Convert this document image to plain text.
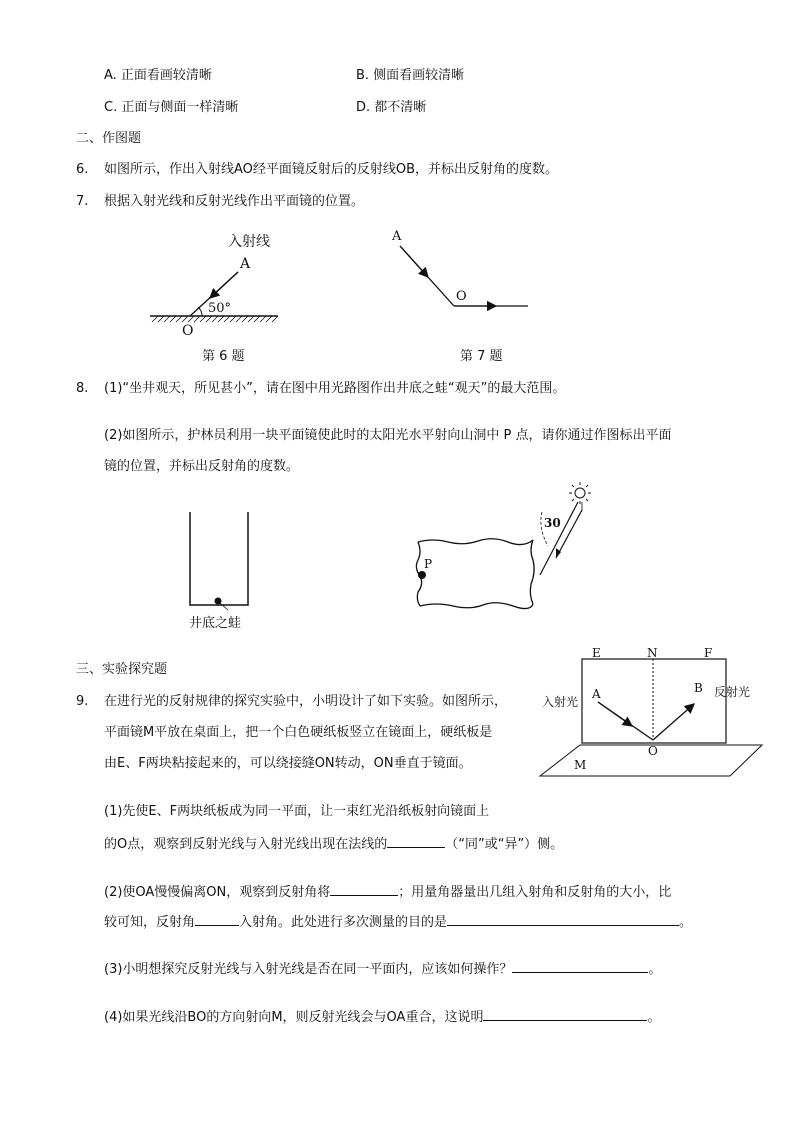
A. 正面看画较清晰	B. 侧面看画较清晰
C. 正面与侧面一样清晰	D. 都不清晰
二、作图题
6. 如图所示，作出入射线AO经平面镜反射后的反射线OB，并标出反射角的度数。
7. 根据入射光线和反射光线作出平面镜的位置。
入射线
A
50°
O
第 6 题
A
O
第 7 题
8. (1)“坐井观天，所见甚小”，请在图中用光路图作出井底之蛙“观天”的最大范围。
(2)如图所示，护林员利用一块平面镜使此时的太阳光水平射向山洞中 P 点，请你通过作图标出平面
镜的位置，并标出反射角的度数。
井底之蛙
P
30
三、实验探究题
9. 在进行光的反射规律的探究实验中，小明设计了如下实验。如图所示，
平面镜M平放在桌面上，把一个白色硬纸板竖立在镜面上，硬纸板是
由E、F两块粘接起来的，可以绕接缝ON转动，ON垂直于镜面。
E	N	F
A	B
O
入射光
反射光
M
(1)先使E、F两块纸板成为同一平面，让一束红光沿纸板射向镜面上
的O点，观察到反射光线与入射光线出现在法线的	（“同”或“异”）侧。
(2)使OA慢慢偏离ON，观察到反射角将	；用量角器量出几组入射角和反射角的大小，比
较可知，反射角	入射角。此处进行多次测量的目的是	。
(3)小明想探究反射光线与入射光线是否在同一平面内，应该如何操作？	。
(4)如果光线沿BO的方向射向M，则反射光线会与OA重合，这说明	。
